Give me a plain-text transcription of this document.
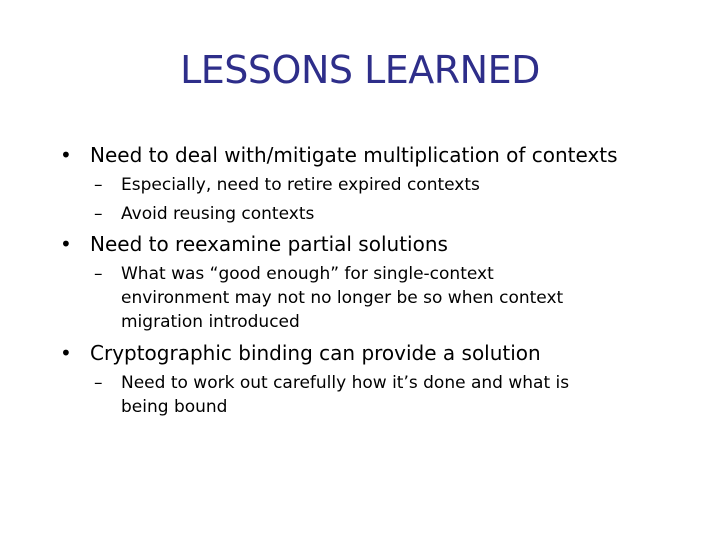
LESSONS LEARNED
• Need to deal with/mitigate multiplication of contexts
– Especially, need to retire expired contexts
– Avoid reusing contexts
• Need to reexamine partial solutions
– What was “good enough” for single-context
environment may not no longer be so when context
migration introduced
• Cryptographic binding can provide a solution
– Need to work out carefully how it’s done and what is
being bound
